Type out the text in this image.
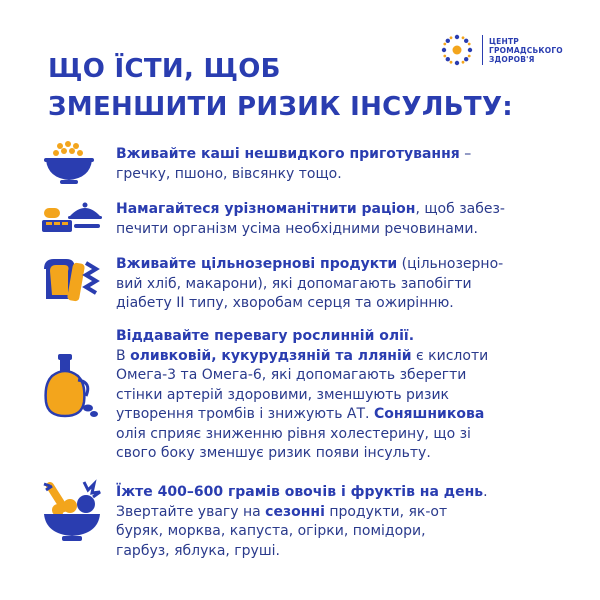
ЩО ЇСТИ, ЩОБ
ЗМЕНШИТИ РИЗИК ІНСУЛЬТУ:
ЦЕНТР
ГРОМАДСЬКОГО
ЗДОРОВ'Я
Вживайте каші нешвидкого приготування –
гречку, пшоно, вівсянку тощо.
Намагайтеся урізноманітнити раціон, щоб забез-
печити організм усіма необхідними речовинами.
Вживайте цільнозернові продукти (цільнозерно-
вий хліб, макарони), які допомагають запобігти
діабету ІІ типу, хворобам серця та ожирінню.
Віддавайте перевагу рослинній олії.
В оливковій, кукурудзяній та лляній є кислоти
Омега-3 та Омега-6, які допомагають зберегти
стінки артерій здоровими, зменшують ризик
утворення тромбів і знижують АТ. Соняшникова
олія сприяє зниженню рівня холестерину, що зі
свого боку зменшує ризик появи інсульту.
Їжте 400–600 грамів овочів і фруктів на день.
Звертайте увагу на сезонні продукти, як-от
буряк, морква, капуста, огірки, помідори,
гарбуз, яблука, груші.
